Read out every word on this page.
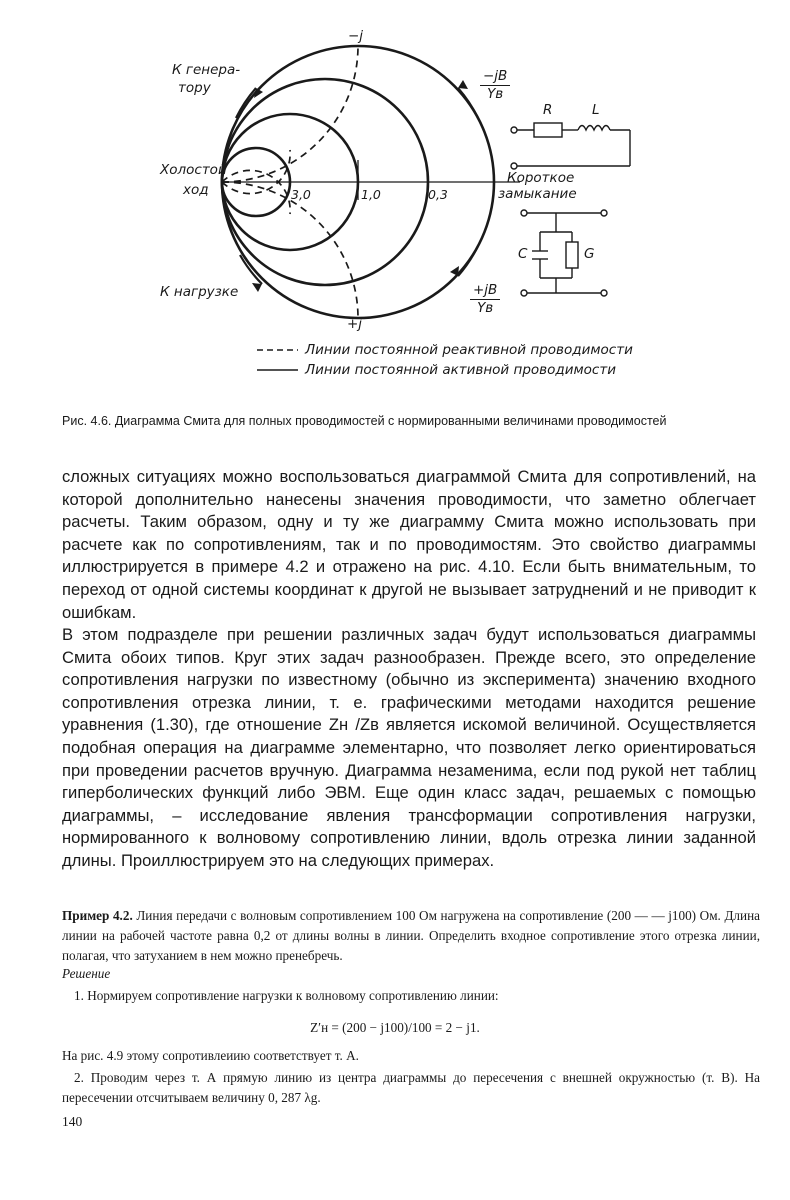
−j
+j
К генера-
тору
Холостой
ход
К нагрузке
Короткое
замыкание
3,0	1,0	0,3
−jB
Yв
+jB
Yв
R	L
C	G
Линии постоянной реактивной проводимости
Линии постоянной активной проводимости
Рис. 4.6. Диаграмма Смита для полных проводимостей с нормированными величинами проводимостей

сложных ситуациях можно воспользоваться диаграммой Смита для сопротивлений, на которой дополнительно нанесены значения проводимости, что заметно облегчает расчеты. Таким образом, одну и ту же диаграмму Смита можно использовать при расчете как по сопротивлениям, так и по проводимостям. Это свойство диаграммы иллюстрируется в примере 4.2 и отражено на рис. 4.10. Если быть внимательным, то переход от одной системы координат к другой не вызывает затруднений и не приводит к ошибкам.

В этом подразделе при решении различных задач будут использоваться диаграммы Смита обоих типов. Круг этих задач разнообразен. Прежде всего, это определение сопротивления нагрузки по известному (обычно из эксперимента) значению входного сопротивления отрезка линии, т. е. графическими методами находится решение уравнения (1.30), где отношение Zн /Zв является искомой величиной. Осуществляется подобная операция на диаграмме элементарно, что позволяет легко ориентироваться при проведении расчетов вручную. Диаграмма незаменима, если под рукой нет таблиц гиперболических функций либо ЭВМ. Еще один класс задач, решаемых с помощью диаграммы, – исследование явления трансформации сопротивления нагрузки, нормированного к волновому сопротивлению линии, вдоль отрезка линии заданной длины. Проиллюстрируем это на следующих примерах.

Пример 4.2. Линия передачи с волновым сопротивлением 100 Ом нагружена на сопротивление (200 — — j100) Ом. Длина линии на рабочей частоте равна 0,2 от длины волны в линии. Определить входное сопротивление этого отрезка линии, полагая, что затуханием в нем можно пренебречь.

Решение

1. Нормируем сопротивление нагрузки к волновому сопротивлению линии:

Z′н = (200 − j100)/100 = 2 − j1.

На рис. 4.9 этому сопротивлеиию соответствует т. А.

2. Проводим через т. А прямую линию из центра диаграммы до пересечения с внешней окружностью (т. В). На пересечении отсчитываем величину 0, 287 λg.

140
